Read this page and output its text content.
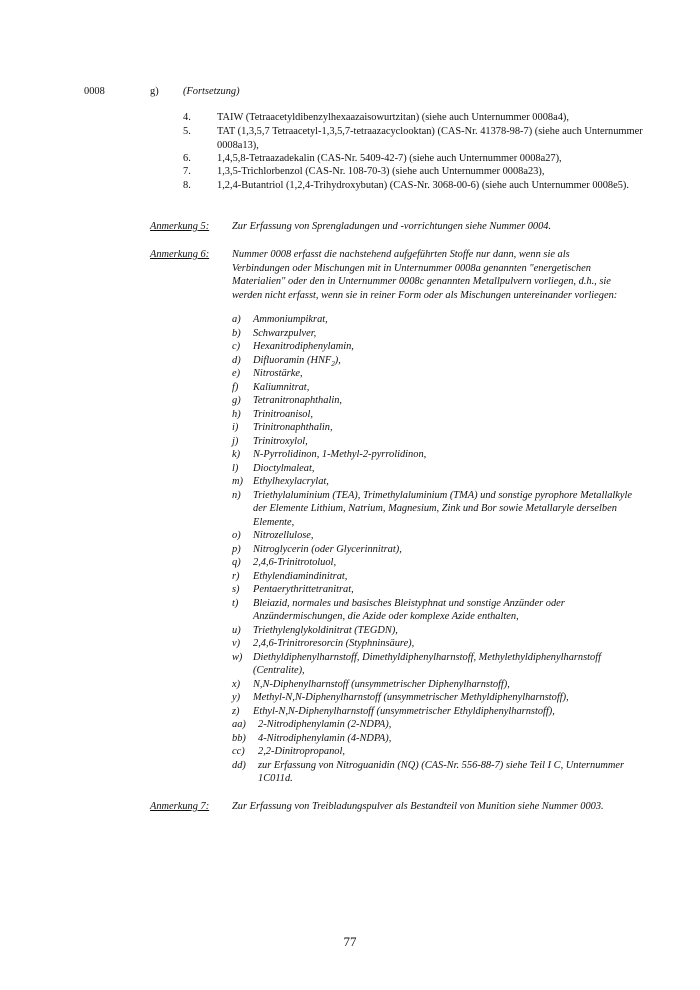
0008	g) (Fortsetzung)
4.	TAIW (Tetraacetyldibenzylhexaazaisowurtzitan) (siehe auch Unternummer 0008a4),
5.	TAT (1,3,5,7 Tetraacetyl-1,3,5,7-tetraazacyclooktan) (CAS-Nr. 41378-98-7) (siehe auch Unternummer 0008a13),
6.	1,4,5,8-Tetraazadekalin (CAS-Nr. 5409-42-7) (siehe auch Unternummer 0008a27),
7.	1,3,5-Trichlorbenzol (CAS-Nr. 108-70-3) (siehe auch Unternummer 0008a23),
8.	1,2,4-Butantriol (1,2,4-Trihydroxybutan) (CAS-Nr. 3068-00-6) (siehe auch Unternummer 0008e5).
Anmerkung 5: Zur Erfassung von Sprengladungen und -vorrichtungen siehe Nummer 0004.
Anmerkung 6: Nummer 0008 erfasst die nachstehend aufgeführten Stoffe nur dann, wenn sie als Verbindungen oder Mischungen mit in Unternummer 0008a genannten "energetischen Materialien" oder den in Unternummer 0008c genannten Metallpulvern vorliegen, d.h., sie werden nicht erfasst, wenn sie in reiner Form oder als Mischungen untereinander vorliegen:
a) Ammoniumpikrat,
b) Schwarzpulver,
c) Hexanitrodiphenylamin,
d) Difluoramin $(HNF_2)$,
e) Nitrostärke,
f) Kaliumnitrat,
g) Tetranitronaphthalin,
h) Trinitroanisol,
i) Trinitronaphthalin,
j) Trinitroxylol,
k) N-Pyrrolidinon, 1-Methyl-2-pyrrolidinon,
l) Dioctylmaleat,
m) Ethylhexylacrylat,
n) Triethylaluminium (TEA), Trimethylaluminium (TMA) und sonstige pyrophore Metallalkyle der Elemente Lithium, Natrium, Magnesium, Zink und Bor sowie Metallaryle derselben Elemente,
o) Nitrozellulose,
p) Nitroglycerin (oder Glycerinnitrat),
q) 2,4,6-Trinitrotoluol,
r) Ethylendiamindinitrat,
s) Pentaerythrittetranitrat,
t) Bleiazid, normales und basisches Bleistyphnat und sonstige Anzünder oder Anzündermischungen, die Azide oder komplexe Azide enthalten,
u) Triethylenglykoldinitrat (TEGDN),
v) 2,4,6-Trinitroresorcin (Styphninsäure),
w) Diethyldiphenylharnstoff, Dimethyldiphenylharnstoff, Methylethyldiphenylharnstoff (Centralite),
x) N,N-Diphenylharnstoff (unsymmetrischer Diphenylharnstoff),
y) Methyl-N,N-Diphenylharnstoff (unsymmetrischer Methyldiphenylharnstoff),
z) Ethyl-N,N-Diphenylharnstoff (unsymmetrischer Ethyldiphenylharnstoff),
aa) 2-Nitrodiphenylamin (2-NDPA),
bb) 4-Nitrodiphenylamin (4-NDPA),
cc) 2,2-Dinitropropanol,
dd) zur Erfassung von Nitroguanidin (NQ) (CAS-Nr. 556-88-7) siehe Teil I C, Unternummer 1C011d.
Anmerkung 7: Zur Erfassung von Treibladungspulver als Bestandteil von Munition siehe Nummer 0003.
77
